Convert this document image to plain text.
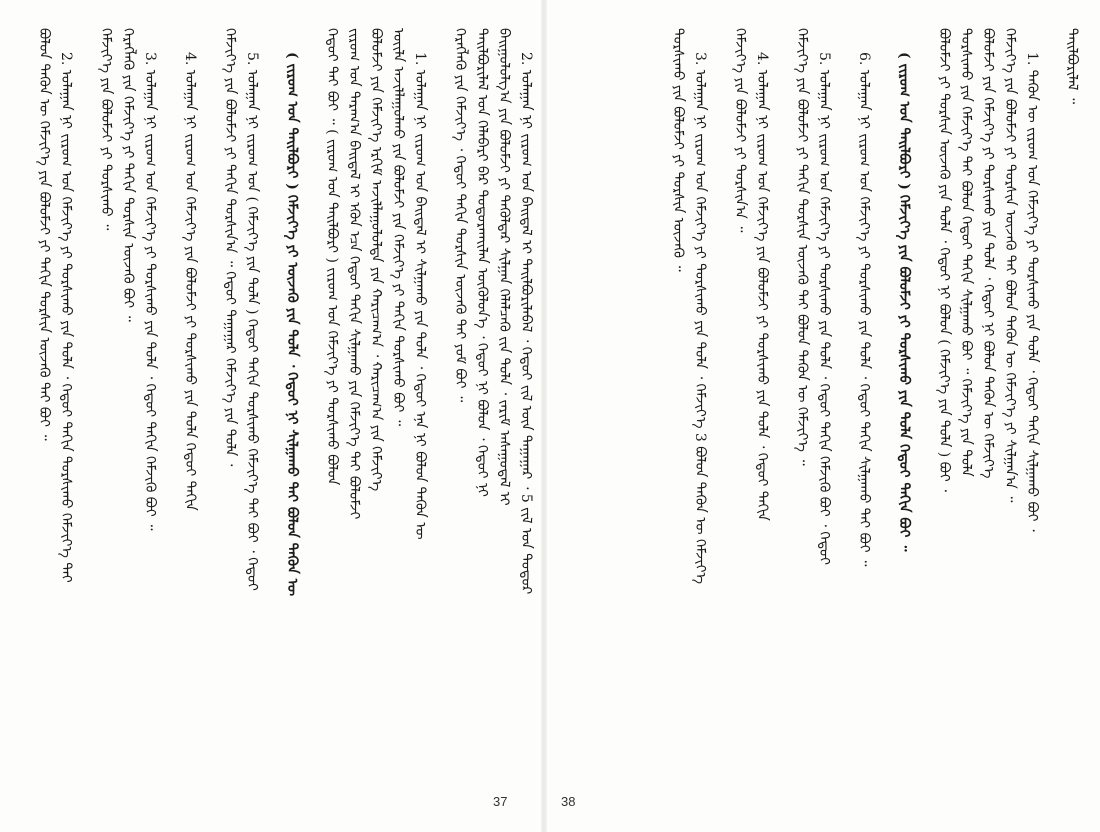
2. ᠤᠯᠠᠭᠠᠨ ᠨᠢ ᠵᠢᠷᠤᠭ ᠤᠨ ᠪᠠᠢᠳᠠᠯ ᠢ ᠲᠠᠢᠯᠪᠤᠷᠢᠯᠠᠪᠠᠯ ᠂ ᠬᠡᠳᠦᠢ ᠵᠢᠯ ᠦᠨ ᠳᠠᠭᠠᠭᠠᠷ ᠂ 5 ᠵᠢᠯ ᠤᠨ ᠳᠤᠳᠤᠷ
ᠪᠠᠢᠭᠤᠯᠤᠯᠭ᠎ᠠ ᠶᠢᠨ ᠪᠤᠯᠤᠮᠵᠢ ᠶᠢ ᠲᠡᠭᠦᠯᠳᠡᠷ ᠰᠢᠯᠭᠠᠨ ᠬᠡᠯᠡᠯᠴᠡᠬᠦ ᠵᠢᠨ ᠲᠤᠯᠠ ᠂ ᠵᠠᠷᠢᠮ ᠠᠰᠠᠭᠤᠳᠠᠯ ᠢ
ᠲᠠᠢᠯᠪᠤᠷᠢᠯᠠᠯ ᠤᠨ ᠬᠡᠯᠡᠪᠡᠷᠢ ᠪᠡᠷ ᠲᠤᠳᠤᠷᠬᠠᠢᠯᠠᠨ ᠦᠭᠦᠯᠦᠨ᠎ᠡ ᠂ ᠬᠡᠳᠦᠢ ᠨᠢ ᠪᠤᠯᠤᠨ ᠂ ᠬᠡᠳᠦᠢ ᠨᠢ
ᠬᠡᠷᠡᠭᠯᠡᠬᠦ ᠶᠢᠨ ᠬᠡᠮᠵᠢᠶ᠎ᠡ ᠂ ᠬᠡᠳᠦᠢ ᠳᠠᠬᠢᠨ ᠲᠤᠷᠰᠢᠨ ᠦᠵᠡᠬᠦ ᠲᠡᠢ ᠶᠤᠮ ᠪᠤᠢ ᠃
1. ᠤᠯᠠᠭᠠᠨ ᠨᠢ ᠵᠢᠷᠤᠭ ᠤᠨ ᠪᠠᠢᠳᠠᠯ ᠢ ᠰᠢᠯᠭᠠᠬᠤ ᠶᠢᠨ ᠲᠤᠯᠠ ᠂ ᠬᠡᠳᠦᠢ ᠡᠨᠡ ᠨᠢ ᠪᠤᠯᠤᠨ ᠲᠡᠭᠦᠨ ᠦ
ᠦᠢᠯᠡ ᠠᠵᠢᠯᠯᠠᠭᠤᠯᠬᠤ ᠶᠢᠨ ᠪᠤᠯᠤᠮᠵᠢ ᠶᠢᠨ ᠬᠡᠮᠵᠢᠶ᠎ᠡ ᠶᠢ ᠳᠠᠬᠢᠨ ᠲᠤᠷᠰᠢᠬᠤ ᠪᠤᠢ ᠃
ᠪᠤᠯᠤᠮᠵᠢ ᠶᠢᠨ ᠬᠡᠮᠵᠢᠶ᠎ᠡ ᠡᠷᠬᠢᠮ ᠠᠵᠢᠯᠯᠠᠭᠤᠯᠤᠯᠲᠠ ᠶᠢᠨ ᠬᠠᠷᠢᠴᠠᠭ᠎ᠠ ᠂ ᠬᠠᠷᠢᠴᠠᠭ᠎ᠠ ᠶᠢᠨ ᠬᠡᠮᠵᠢᠶ᠎ᠡ
ᠵᠢᠷᠤᠭ ᠤᠨ ᠳᠠᠷᠠᠭ᠎ᠠ ᠪᠠᠢᠳᠠᠯ ᠢ ᠡᠭᠦᠨ ᠡᠴᠡ ᠬᠡᠳᠦᠢ ᠳᠠᠬᠢᠨ ᠰᠢᠯᠭᠠᠬᠤ ᠶᠢᠨ ᠬᠡᠮᠵᠢᠶ᠎ᠡ ᠲᠡᠢ ᠪᠣᠯᠤᠮᠵᠢ
ᠬᠡᠳᠦᠢ ᠲᠡᠢ ᠪᠤᠢ ᠃ ( ᠵᠢᠷᠤᠭ ᠤᠨ ᠲᠠᠢᠯᠪᠤᠷᠢ ) ᠵᠢᠷᠤᠭ ᠤᠨ ᠬᠡᠮᠵᠢᠶ᠎ᠡ ᠶᠢ ᠲᠤᠷᠰᠢᠬᠤ ᠪᠤᠯᠤᠨ
( ᠵᠢᠷᠤᠭ ᠤᠨ ᠲᠠᠢᠯᠪᠤᠷᠢ ) ᠬᠡᠮᠵᠢᠶ᠎ᠡ ᠶᠢ ᠦᠵᠡᠬᠦ ᠶᠢᠨ ᠲᠤᠯᠠ ᠂ ᠬᠡᠳᠦᠢ ᠨᠢ ᠰᠢᠯᠭᠠᠬᠤ ᠲᠡᠢ ᠪᠤᠯᠤᠨ ᠲᠡᠭᠦᠨ ᠦ
5. ᠤᠯᠠᠭᠠᠨ ᠨᠢ ᠵᠢᠷᠤᠭ ᠤᠨ ( ᠬᠡᠮᠵᠢᠶ᠎ᠡ ᠶᠢᠨ ᠲᠤᠯᠠ ) ᠬᠡᠳᠦᠢ ᠳᠠᠬᠢᠨ ᠲᠤᠷᠰᠢᠬᠤ ᠬᠡᠮᠵᠢᠶ᠎ᠡ ᠲᠡᠢ ᠪᠤᠢ ᠂ ᠬᠡᠳᠦᠢ
ᠬᠡᠮᠵᠢᠶ᠎ᠡ ᠶᠢᠨ ᠪᠤᠯᠤᠮᠵᠢ ᠶᠢ ᠳᠠᠬᠢᠨ ᠲᠤᠷᠰᠢᠨ᠎ᠠ ᠃ ᠬᠡᠳᠦᠢ ᠳᠠᠭᠠᠭᠠᠷ ᠬᠡᠮᠵᠢᠶ᠎ᠡ ᠶᠢᠨ ᠲᠤᠯᠠ ᠂
4. ᠤᠯᠠᠭᠠᠨ ᠨᠢ ᠵᠢᠷᠤᠭ ᠤᠨ ᠬᠡᠮᠵᠢᠶ᠎ᠡ ᠶᠢᠨ ᠪᠤᠯᠤᠮᠵᠢ ᠶᠢ ᠲᠤᠷᠰᠢᠬᠤ ᠶᠢᠨ ᠲᠤᠯᠠ ᠬᠡᠳᠦᠢ ᠳᠠᠬᠢᠨ
3. ᠤᠯᠠᠭᠠᠨ ᠨᠢ ᠵᠢᠷᠤᠭ ᠤᠨ ᠬᠡᠮᠵᠢᠶ᠎ᠡ ᠶᠢ ᠲᠤᠷᠰᠢᠬᠤ ᠶᠢᠨ ᠲᠤᠯᠠ ᠂ ᠬᠡᠳᠦᠢ ᠳᠠᠬᠢᠨ ᠬᠡᠮᠵᠢᠬᠦ ᠪᠤᠢ ᠃
ᠬᠡᠷᠡᠭᠯᠡᠬᠦ ᠶᠢᠨ ᠬᠡᠮᠵᠢᠶ᠎ᠡ ᠶᠢ ᠳᠠᠬᠢᠨ ᠲᠤᠷᠰᠢᠨ ᠦᠵᠡᠬᠦ ᠪᠤᠢ ᠃
ᠬᠡᠮᠵᠢᠶ᠎ᠡ ᠶᠢᠨ ᠪᠤᠯᠤᠮᠵᠢ ᠶᠢ ᠲᠤᠷᠰᠢᠬᠤ ᠃
2. ᠤᠯᠠᠭᠠᠨ ᠨᠢ ᠵᠢᠷᠤᠭ ᠤᠨ ᠬᠡᠮᠵᠢᠶ᠎ᠡ ᠶᠢ ᠲᠤᠷᠰᠢᠬᠤ ᠶᠢᠨ ᠲᠤᠯᠠ ᠂ ᠬᠡᠳᠦᠢ ᠳᠠᠬᠢᠨ ᠲᠤᠷᠰᠢᠬᠤ ᠬᠡᠮᠵᠢᠶ᠎ᠡ ᠲᠡᠢ
ᠪᠤᠯᠤᠨ ᠲᠡᠭᠦᠨ ᠦ ᠬᠡᠮᠵᠢᠶ᠎ᠡ ᠶᠢᠨ ᠪᠤᠯᠤᠮᠵᠢ ᠶᠢ ᠳᠠᠬᠢᠨ ᠲᠤᠷᠰᠢᠨ ᠦᠵᠡᠬᠦ ᠲᠡᠢ ᠪᠤᠢ ᠃	ᠲᠠᠢᠯᠪᠤᠷᠢᠯᠠᠯ ᠃
1. ᠲᠡᠭᠦᠨ ᠦ ᠵᠢᠷᠤᠭ ᠤᠨ ᠬᠡᠮᠵᠢᠶ᠎ᠡ ᠶᠢ ᠲᠤᠷᠰᠢᠬᠤ ᠶᠢᠨ ᠲᠤᠯᠠ ᠂ ᠬᠡᠳᠦᠢ ᠳᠠᠬᠢᠨ ᠰᠢᠯᠭᠠᠬᠤ ᠪᠤᠢ ᠂
ᠬᠡᠮᠵᠢᠶ᠎ᠡ ᠶᠢᠨ ᠪᠤᠯᠤᠮᠵᠢ ᠶᠢ ᠲᠤᠷᠰᠢᠨ ᠦᠵᠡᠬᠦ ᠲᠡᠢ ᠪᠤᠯᠤᠨ ᠲᠡᠭᠦᠨ ᠦ ᠬᠡᠮᠵᠢᠶ᠎ᠡ ᠶᠢ ᠰᠢᠯᠭᠠᠨ᠎ᠠ ᠃
ᠪᠤᠯᠤᠮᠵᠢ ᠶᠢᠨ ᠬᠡᠮᠵᠢᠶ᠎ᠡ ᠶᠢ ᠲᠤᠷᠰᠢᠬᠤ ᠶᠢᠨ ᠲᠤᠯᠠ ᠂ ᠬᠡᠳᠦᠢ ᠨᠢ ᠪᠤᠯᠤᠨ ᠲᠡᠭᠦᠨ ᠦ ᠬᠡᠮᠵᠢᠶ᠎ᠡ
ᠲᠤᠷᠰᠢᠬᠤ ᠶᠢᠨ ᠬᠡᠮᠵᠢᠶ᠎ᠡ ᠲᠡᠢ ᠪᠤᠯᠤᠨ ᠬᠡᠳᠦᠢ ᠳᠠᠬᠢᠨ ᠰᠢᠯᠭᠠᠬᠤ ᠪᠤᠢ ᠃ ᠬᠡᠮᠵᠢᠶ᠎ᠡ ᠶᠢᠨ ᠲᠤᠯᠠ
ᠪᠤᠯᠤᠮᠵᠢ ᠶᠢ ᠲᠤᠷᠰᠢᠨ ᠦᠵᠡᠬᠦ ᠶᠢᠨ ᠲᠤᠯᠠ ᠂ ᠬᠡᠳᠦᠢ ᠨᠢ ᠪᠤᠯᠤᠨ ( ᠬᠡᠮᠵᠢᠶ᠎ᠡ ᠶᠢᠨ ᠲᠤᠯᠠ ) ᠪᠤᠢ ᠂
( ᠵᠢᠷᠤᠭ ᠤᠨ ᠲᠠᠢᠯᠪᠤᠷᠢ ) ᠬᠡᠮᠵᠢᠶ᠎ᠡ ᠶᠢᠨ ᠪᠤᠯᠤᠮᠵᠢ ᠶᠢ ᠲᠤᠷᠰᠢᠬᠤ ᠶᠢᠨ ᠲᠤᠯᠠ ᠬᠡᠳᠦᠢ ᠳᠠᠬᠢᠨ ᠪᠤᠢ ᠃
6. ᠤᠯᠠᠭᠠᠨ ᠨᠢ ᠵᠢᠷᠤᠭ ᠤᠨ ᠬᠡᠮᠵᠢᠶ᠎ᠡ ᠶᠢ ᠲᠤᠷᠰᠢᠬᠤ ᠶᠢᠨ ᠲᠤᠯᠠ ᠂ ᠬᠡᠳᠦᠢ ᠳᠠᠬᠢᠨ ᠰᠢᠯᠭᠠᠬᠤ ᠲᠡᠢ ᠪᠤᠢ ᠃
5. ᠤᠯᠠᠭᠠᠨ ᠨᠢ ᠵᠢᠷᠤᠭ ᠤᠨ ᠬᠡᠮᠵᠢᠶ᠎ᠡ ᠶᠢ ᠲᠤᠷᠰᠢᠬᠤ ᠶᠢᠨ ᠲᠤᠯᠠ ᠂ ᠬᠡᠳᠦᠢ ᠳᠠᠬᠢᠨ ᠬᠡᠮᠵᠢᠬᠦ ᠪᠤᠢ ᠂ ᠬᠡᠳᠦᠢ
ᠬᠡᠮᠵᠢᠶ᠎ᠡ ᠶᠢᠨ ᠪᠤᠯᠤᠮᠵᠢ ᠶᠢ ᠳᠠᠬᠢᠨ ᠲᠤᠷᠰᠢᠨ ᠦᠵᠡᠬᠦ ᠲᠡᠢ ᠪᠤᠯᠤᠨ ᠲᠡᠭᠦᠨ ᠦ ᠬᠡᠮᠵᠢᠶ᠎ᠡ ᠃
4. ᠤᠯᠠᠭᠠᠨ ᠨᠢ ᠵᠢᠷᠤᠭ ᠤᠨ ᠬᠡᠮᠵᠢᠶ᠎ᠡ ᠶᠢᠨ ᠪᠤᠯᠤᠮᠵᠢ ᠶᠢ ᠲᠤᠷᠰᠢᠬᠤ ᠶᠢᠨ ᠲᠤᠯᠠ ᠂ ᠬᠡᠳᠦᠢ ᠳᠠᠬᠢᠨ
ᠬᠡᠮᠵᠢᠶ᠎ᠡ ᠶᠢᠨ ᠪᠤᠯᠤᠮᠵᠢ ᠶᠢ ᠲᠤᠷᠰᠢᠨ᠎ᠠ ᠃
3. ᠤᠯᠠᠭᠠᠨ ᠨᠢ ᠵᠢᠷᠤᠭ ᠤᠨ ᠬᠡᠮᠵᠢᠶ᠎ᠡ ᠶᠢ ᠲᠤᠷᠰᠢᠬᠤ ᠶᠢᠨ ᠲᠤᠯᠠ ᠂ ᠬᠡᠮᠵᠢᠶ᠎ᠡ 3 ᠪᠤᠯᠤᠨ ᠲᠡᠭᠦᠨ ᠦ ᠬᠡᠮᠵᠢᠶ᠎ᠡ
ᠲᠤᠷᠰᠢᠬᠤ ᠶᠢᠨ ᠪᠤᠯᠤᠮᠵᠢ ᠶᠢ ᠲᠤᠷᠰᠢᠨ ᠦᠵᠡᠬᠦ ᠃
37	38
